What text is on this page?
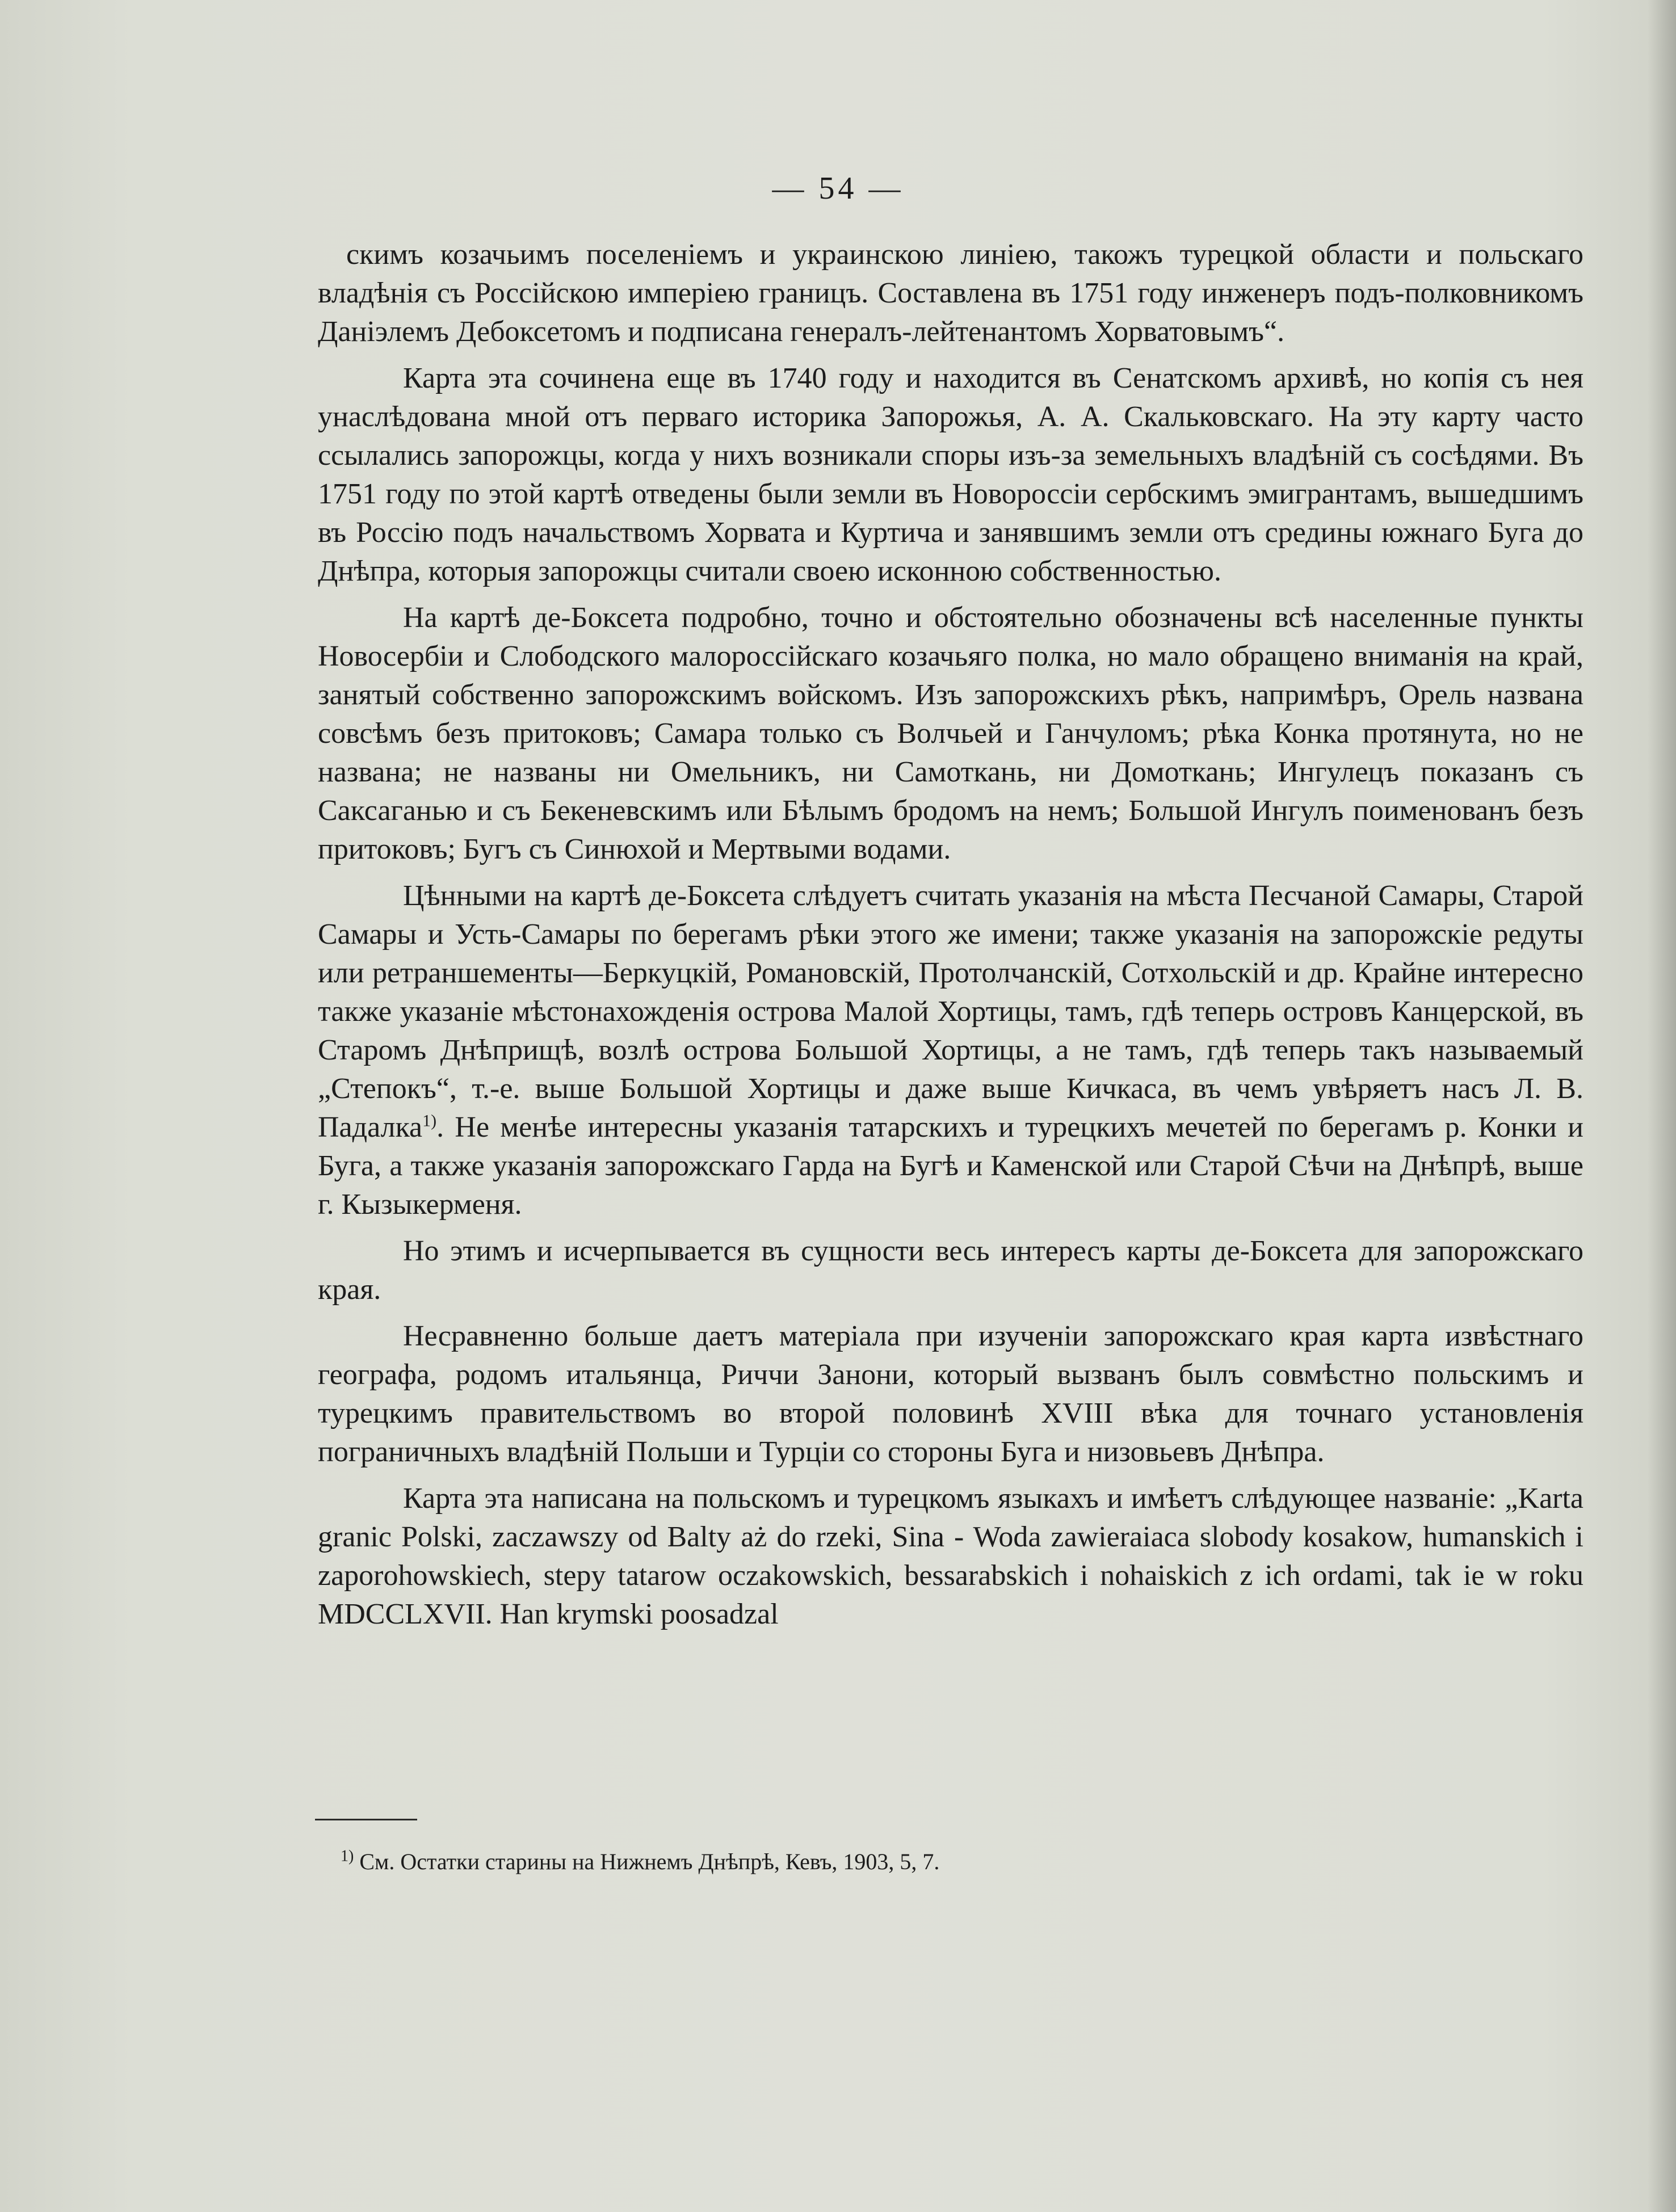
— 54 —

скимъ козачьимъ поселенiемъ и украинскою линiею, такожъ турецкой области и польскаго владѣнiя съ Россiйскою имперiею границъ. Составлена въ 1751 году инженеръ подъ-полковникомъ Данiэлемъ Дебоксетомъ и подписана генералъ-лейтенантомъ Хорватовымъ“.

Карта эта сочинена еще въ 1740 году и находится въ Сенатскомъ архивѣ, но копiя съ нея унаслѣдована мной отъ перваго историка Запорожья, А. А. Скальковскаго. На эту карту часто ссылались запорожцы, когда у нихъ возникали споры изъ-за земельныхъ владѣнiй съ сосѣдями. Въ 1751 году по этой картѣ отведены были земли въ Новороссiи сербскимъ эмигрантамъ, вышедшимъ въ Россiю подъ начальствомъ Хорвата и Куртича и занявшимъ земли отъ средины южнаго Буга до Днѣпра, которыя запорожцы считали своею исконною собственностью.

На картѣ де-Боксета подробно, точно и обстоятельно обозначены всѣ населенные пункты Новосербiи и Слободского малороссiйскаго козачьяго полка, но мало обращено вниманiя на край, занятый собственно запорожскимъ войскомъ. Изъ запорожскихъ рѣкъ, напримѣръ, Орель названа совсѣмъ безъ притоковъ; Самара только съ Волчьей и Ганчуломъ; рѣка Конка протянута, но не названа; не названы ни Омельникъ, ни Самоткань, ни Домоткань; Ингулецъ показанъ съ Саксаганью и съ Бекеневскимъ или Бѣлымъ бродомъ на немъ; Большой Ингулъ поименованъ безъ притоковъ; Бугъ съ Синюхой и Мертвыми водами.

Цѣнными на картѣ де-Боксета слѣдуетъ считать указанiя на мѣста Песчаной Самары, Старой Самары и Усть-Самары по берегамъ рѣки этого же имени; также указанiя на запорожскiе редуты или ретраншементы—Беркуцкiй, Романовскiй, Протолчанскiй, Сотхольскiй и др. Крайне интересно также указанiе мѣстонахожденiя острова Малой Хортицы, тамъ, гдѣ теперь островъ Канцерской, въ Старомъ Днѣприщѣ, возлѣ острова Большой Хортицы, а не тамъ, гдѣ теперь такъ называемый „Степокъ“, т.-е. выше Большой Хортицы и даже выше Кичкаса, въ чемъ увѣряетъ насъ Л. В. Падалка$^{1)}$. Не менѣе интересны указанiя татарскихъ и турецкихъ мечетей по берегамъ р. Конки и Буга, а также указанiя запорожскаго Гарда на Бугѣ и Каменской или Старой Сѣчи на Днѣпрѣ, выше г. Кызыкерменя.

Но этимъ и исчерпывается въ сущности весь интересъ карты де-Боксета для запорожскаго края.

Несравненно больше даетъ матерiала при изученiи запорожскаго края карта извѣстнаго географа, родомъ итальянца, Риччи Занони, который вызванъ былъ совмѣстно польскимъ и турецкимъ правительствомъ во второй половинѣ XVIII вѣка для точнаго установленiя пограничныхъ владѣнiй Польши и Турцiи со стороны Буга и низовьевъ Днѣпра.

Карта эта написана на польскомъ и турецкомъ языкахъ и имѣетъ слѣдующее названiе: „Karta granic Polski, zaczawszy od Balty aż do rzeki, Sina - Woda zawieraiaca slobody kosakow, humanskich i zaporohowskiech, stepy tatarow oczakowskich, bessarabskich i nohaiskich z ich ordami, tak ie w roku MDCCLXVII. Han krymski poosadzal

$^{1)}$ См. Остатки старины на Нижнемъ Днѣпрѣ, Кевъ, 1903, 5, 7.
